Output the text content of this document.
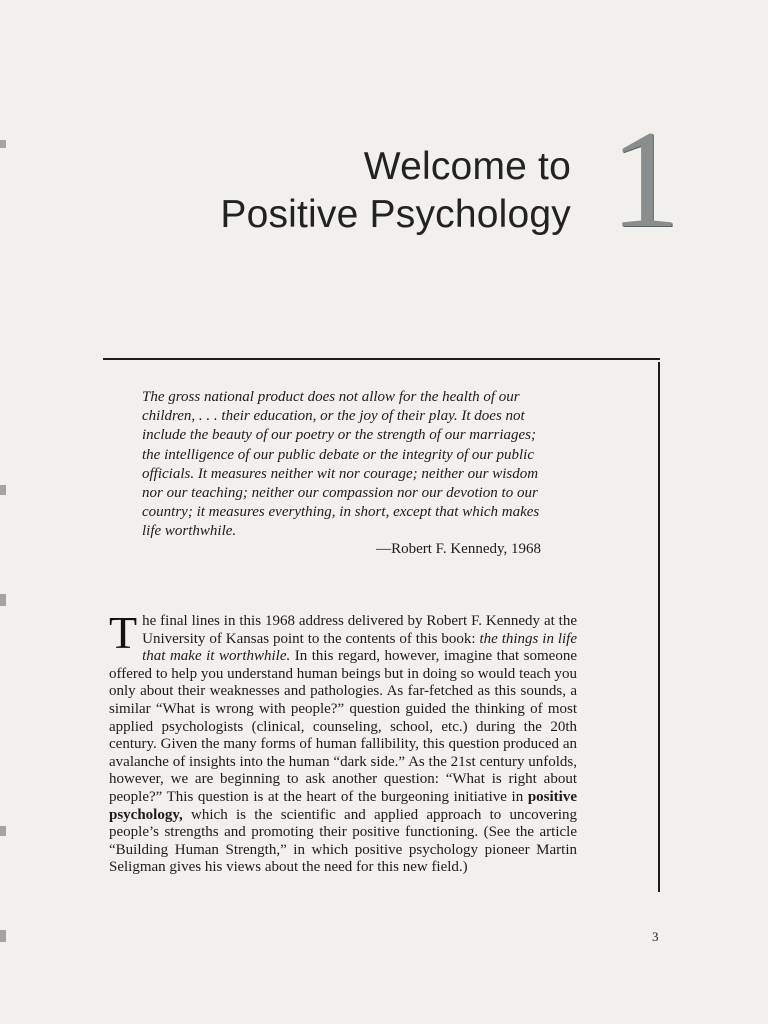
Welcome to
Positive Psychology 1
The gross national product does not allow for the health of our children, . . . their education, or the joy of their play. It does not include the beauty of our poetry or the strength of our marriages; the intelligence of our public debate or the integrity of our public officials. It measures neither wit nor courage; neither our wisdom nor our teaching; neither our compassion nor our devotion to our country; it measures everything, in short, except that which makes life worthwhile.
—Robert F. Kennedy, 1968
The final lines in this 1968 address delivered by Robert F. Kennedy at the University of Kansas point to the contents of this book: the things in life that make it worthwhile. In this regard, however, imagine that someone offered to help you understand human beings but in doing so would teach you only about their weaknesses and pathologies. As far-fetched as this sounds, a similar “What is wrong with people?” question guided the thinking of most applied psychologists (clinical, counseling, school, etc.) during the 20th century. Given the many forms of human fallibility, this question produced an avalanche of insights into the human “dark side.” As the 21st century unfolds, however, we are beginning to ask another question: “What is right about people?” This question is at the heart of the burgeoning initiative in positive psychology, which is the scientific and applied approach to uncovering people’s strengths and promoting their positive functioning. (See the article “Building Human Strength,” in which positive psychology pioneer Martin Seligman gives his views about the need for this new field.)
3
